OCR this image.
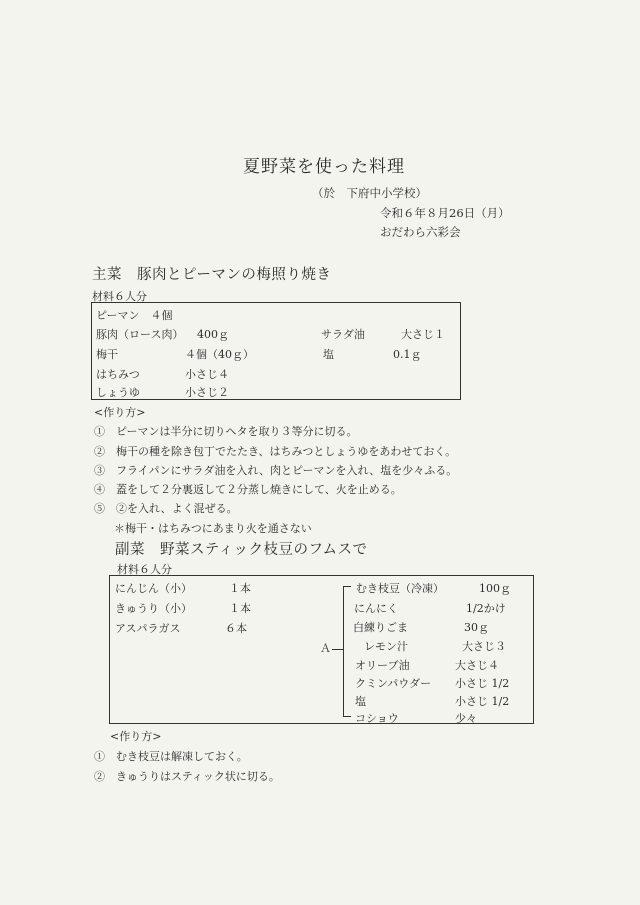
夏野菜を使った料理
（於　下府中小学校）
令和６年８月26日（月）
おだわら六彩会
主菜　豚肉とピーマンの梅照り焼き
材料６人分
ピーマン　４個
豚肉（ロース肉） 400ｇ
梅干	４個（40ｇ）
はちみつ	小さじ４
しょうゆ	小さじ２
サラダ油	大さじ１
塩	0.1ｇ
<作り方>
①　ピーマンは半分に切りヘタを取り３等分に切る。
②　梅干の種を除き包丁でたたき、はちみつとしょうゆをあわせておく。
③　フライパンにサラダ油を入れ、肉とピーマンを入れ、塩を少々ふる。
④　蓋をして２分裏返して２分蒸し焼きにして、火を止める。
⑤　②を入れ、よく混ぜる。
＊梅干・はちみつにあまり火を通さない
副菜　野菜スティック枝豆のフムスで
材料６人分
にんじん（小）	１本
きゅうり（小）	１本
アスパラガス	６本
Ａ
むき枝豆（冷凍）	100ｇ
にんにく	1/2かけ
白練りごま	30ｇ
レモン汁	大さじ３
オリーブ油	大さじ４
クミンパウダー 小さじ 1/2
塩	小さじ 1/2
コショウ	少々
<作り方>
①　むき枝豆は解凍しておく。
②　きゅうりはスティック状に切る。
